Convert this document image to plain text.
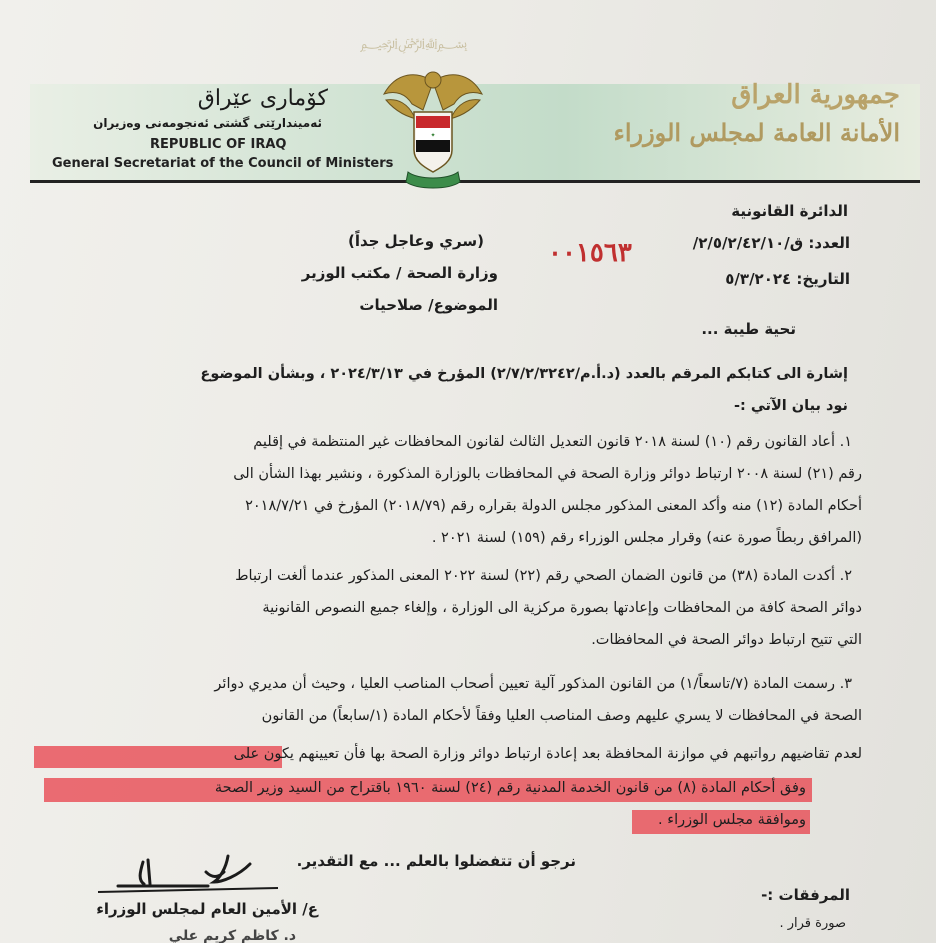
﷽
کۆماری عێراق
ئەمیندارێتی گشتی ئەنجومەنی وەزیران
REPUBLIC OF IRAQ
General Secretariat of the Council of Ministers
جمهورية العراق
الأمانة العامة لمجلس الوزراء
✦
الدائرة القانونية
العدد: ق/٢/٥/٢/٤٢/١٠/
التاريخ: ٥/٣/٢٠٢٤
٠٠١٥٦٣
(سري وعاجل جداً)
وزارة الصحة / مكتب الوزير
الموضوع/ صلاحيات
تحية طيبة ...
إشارة الى كتابكم المرقم بالعدد (د.أ.م/٢/٧/٢/٣٢٤٢) المؤرخ في ٢٠٢٤/٣/١٣ ، وبشأن الموضوع
نود بيان الآتي :-
١. أعاد القانون رقم (١٠) لسنة ٢٠١٨ قانون التعديل الثالث لقانون المحافظات غير المنتظمة في إقليم
رقم (٢١) لسنة ٢٠٠٨ ارتباط دوائر وزارة الصحة في المحافظات بالوزارة المذكورة ، ونشير بهذا الشأن الى
أحكام المادة (١٢) منه وأكد المعنى المذكور مجلس الدولة بقراره رقم (٢٠١٨/٧٩) المؤرخ في ٢٠١٨/٧/٢١
(المرافق ربطاً صورة عنه) وقرار مجلس الوزراء رقم (١٥٩) لسنة ٢٠٢١ .
٢. أكدت المادة (٣٨) من قانون الضمان الصحي رقم (٢٢) لسنة ٢٠٢٢ المعنى المذكور عندما ألغت ارتباط
دوائر الصحة كافة من المحافظات وإعادتها بصورة مركزية الى الوزارة ، وإلغاء جميع النصوص القانونية
التي تتيح ارتباط دوائر الصحة في المحافظات.
٣. رسمت المادة (٧/تاسعاً/١) من القانون المذكور آلية تعيين أصحاب المناصب العليا ، وحيث أن مديري دوائر
الصحة في المحافظات لا يسري عليهم وصف المناصب العليا وفقاً لأحكام المادة (١/سابعاً) من القانون
لعدم تقاضيهم رواتبهم في موازنة المحافظة بعد إعادة ارتباط دوائر وزارة الصحة بها فأن تعيينهم يكون على
وفق أحكام المادة (٨) من قانون الخدمة المدنية رقم (٢٤) لسنة ١٩٦٠ باقتراح من السيد وزير الصحة
وموافقة مجلس الوزراء .
نرجو أن تتفضلوا بالعلم ... مع التقدير.
ع/ الأمين العام لمجلس الوزراء
د. كاظم كريم علي
المرفقات :-
صورة قرار .
